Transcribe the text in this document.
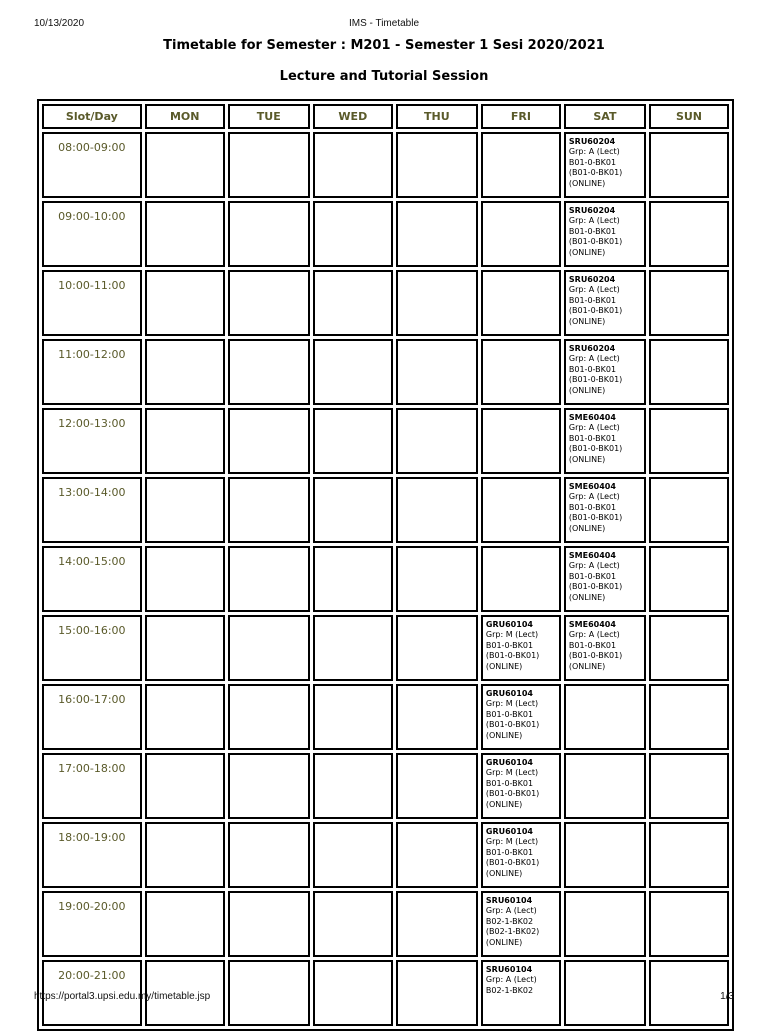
10/13/2020	IMS - Timetable
Timetable for Semester : M201 - Semester 1 Sesi 2020/2021
Lecture and Tutorial Session
Slot/Day	MON	TUE	WED	THU	FRI	SAT	SUN
08:00-09:00						SRU60204
Grp: A (Lect)
B01-0-BK01
(B01-0-BK01)
(ONLINE)	

09:00-10:00						SRU60204
Grp: A (Lect)
B01-0-BK01
(B01-0-BK01)
(ONLINE)	

10:00-11:00						SRU60204
Grp: A (Lect)
B01-0-BK01
(B01-0-BK01)
(ONLINE)	

11:00-12:00						SRU60204
Grp: A (Lect)
B01-0-BK01
(B01-0-BK01)
(ONLINE)	

12:00-13:00						SME60404
Grp: A (Lect)
B01-0-BK01
(B01-0-BK01)
(ONLINE)	

13:00-14:00						SME60404
Grp: A (Lect)
B01-0-BK01
(B01-0-BK01)
(ONLINE)	

14:00-15:00						SME60404
Grp: A (Lect)
B01-0-BK01
(B01-0-BK01)
(ONLINE)	

15:00-16:00					GRU60104
Grp: M (Lect)
B01-0-BK01
(B01-0-BK01)
(ONLINE)	SME60404
Grp: A (Lect)
B01-0-BK01
(B01-0-BK01)
(ONLINE)	

16:00-17:00					GRU60104
Grp: M (Lect)
B01-0-BK01
(B01-0-BK01)
(ONLINE)		

17:00-18:00					GRU60104
Grp: M (Lect)
B01-0-BK01
(B01-0-BK01)
(ONLINE)		

18:00-19:00					GRU60104
Grp: M (Lect)
B01-0-BK01
(B01-0-BK01)
(ONLINE)		

19:00-20:00					SRU60104
Grp: A (Lect)
B02-1-BK02
(B02-1-BK02)
(ONLINE)		

20:00-21:00					SRU60104
Grp: A (Lect)
B02-1-BK02		

https://portal3.upsi.edu.my/timetable.jsp	1/3
